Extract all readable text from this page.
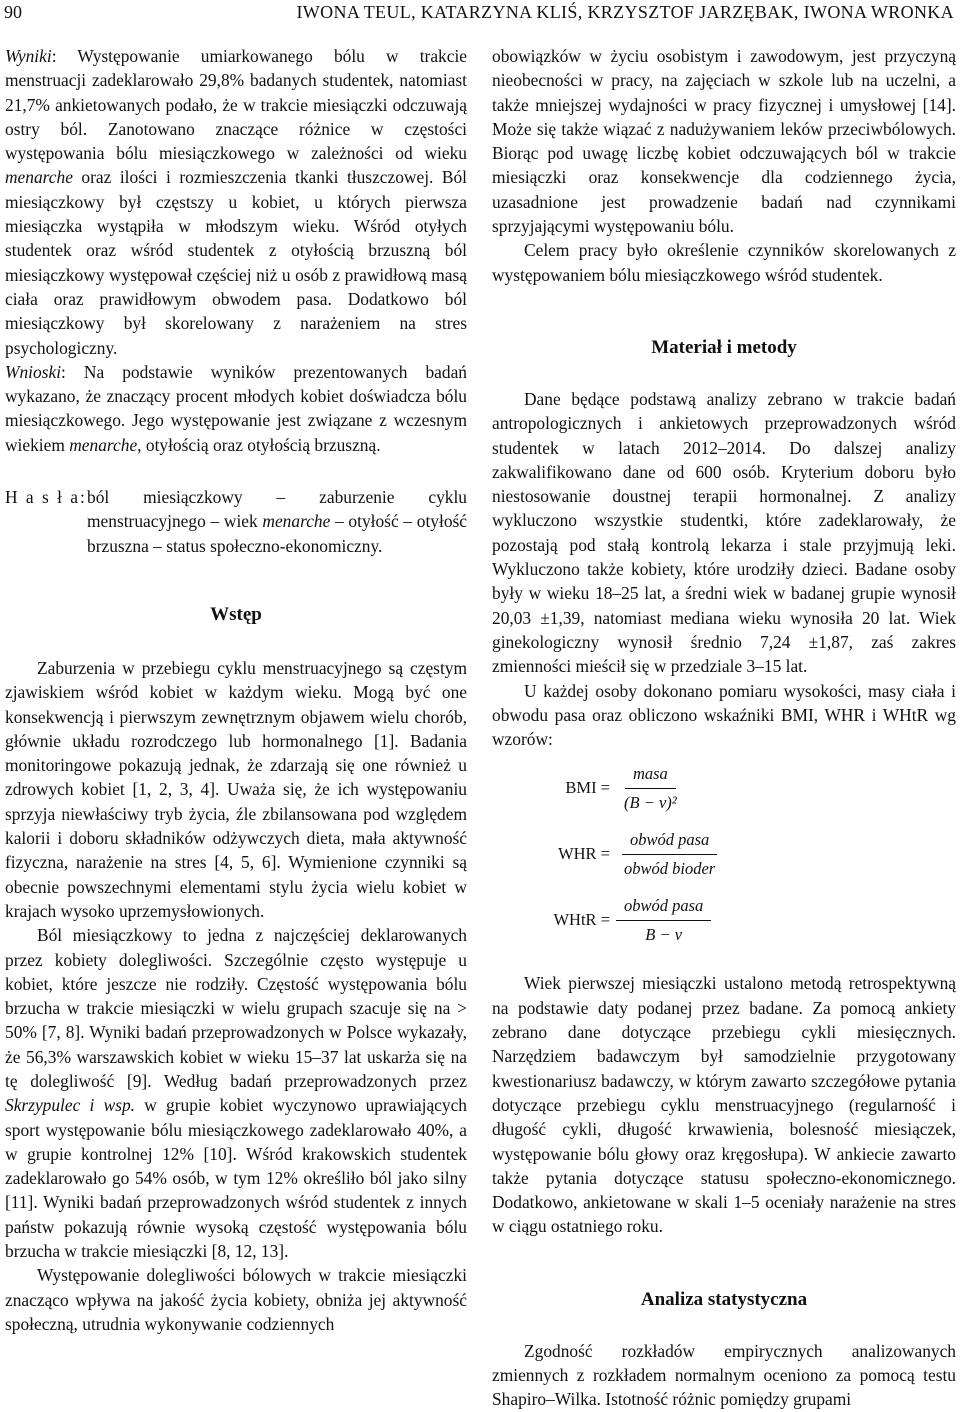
90	IWONA TEUL, KATARZYNA KLIŚ, KRZYSZTOF JARZĘBAK, IWONA WRONKA

Wyniki: Występowanie umiarkowanego bólu w trakcie menstruacji zadeklarowało 29,8% badanych studentek, natomiast 21,7% ankietowanych podało, że w trakcie miesiączki odczuwają ostry ból. Zanotowano znaczące różnice w częstości występowania bólu miesiączkowego w zależności od wieku menarche oraz ilości i rozmieszczenia tkanki tłuszczowej. Ból miesiączkowy był częstszy u kobiet, u których pierwsza miesiączka wystąpiła w młodszym wieku. Wśród otyłych studentek oraz wśród studentek z otyłością brzuszną ból miesiączkowy występował częściej niż u osób z prawidłową masą ciała oraz prawidłowym obwodem pasa. Dodatkowo ból miesiączkowy był skorelowany z narażeniem na stres psychologiczny.

Wnioski: Na podstawie wyników prezentowanych badań wykazano, że znaczący procent młodych kobiet doświadcza bólu miesiączkowego. Jego występowanie jest związane z wczesnym wiekiem menarche, otyłością oraz otyłością brzuszną.

H a s ł a: ból miesiączkowy – zaburzenie cyklu menstruacyjnego – wiek menarche – otyłość – otyłość brzuszna – status społeczno-ekonomiczny.
Wstęp

Zaburzenia w przebiegu cyklu menstruacyjnego są częstym zjawiskiem wśród kobiet w każdym wieku. Mogą być one konsekwencją i pierwszym zewnętrznym objawem wielu chorób, głównie układu rozrodczego lub hormonalnego [1]. Badania monitoringowe pokazują jednak, że zdarzają się one również u zdrowych kobiet [1, 2, 3, 4]. Uważa się, że ich występowaniu sprzyja niewłaściwy tryb życia, źle zbilansowana pod względem kalorii i doboru składników odżywczych dieta, mała aktywność fizyczna, narażenie na stres [4, 5, 6]. Wymienione czynniki są obecnie powszechnymi elementami stylu życia wielu kobiet w krajach wysoko uprzemysłowionych.

Ból miesiączkowy to jedna z najczęściej deklarowanych przez kobiety dolegliwości. Szczególnie często występuje u kobiet, które jeszcze nie rodziły. Częstość występowania bólu brzucha w trakcie miesiączki w wielu grupach szacuje się na > 50% [7, 8]. Wyniki badań przeprowadzonych w Polsce wykazały, że 56,3% warszawskich kobiet w wieku 15–37 lat uskarża się na tę dolegliwość [9]. Według badań przeprowadzonych przez Skrzypulec i wsp. w grupie kobiet wyczynowo uprawiających sport występowanie bólu miesiączkowego zadeklarowało 40%, a w grupie kontrolnej 12% [10]. Wśród krakowskich studentek zadeklarowało go 54% osób, w tym 12% określiło ból jako silny [11]. Wyniki badań przeprowadzonych wśród studentek z innych państw pokazują równie wysoką częstość występowania bólu brzucha w trakcie miesiączki [8, 12, 13].

Występowanie dolegliwości bólowych w trakcie miesiączki znacząco wpływa na jakość życia kobiety, obniża jej aktywność społeczną, utrudnia wykonywanie codziennych

obowiązków w życiu osobistym i zawodowym, jest przyczyną nieobecności w pracy, na zajęciach w szkole lub na uczelni, a także mniejszej wydajności w pracy fizycznej i umysłowej [14]. Może się także wiązać z nadużywaniem leków przeciwbólowych. Biorąc pod uwagę liczbę kobiet odczuwających ból w trakcie miesiączki oraz konsekwencje dla codziennego życia, uzasadnione jest prowadzenie badań nad czynnikami sprzyjającymi występowaniu bólu.

Celem pracy było określenie czynników skorelowanych z występowaniem bólu miesiączkowego wśród studentek.

Materiał i metody

Dane będące podstawą analizy zebrano w trakcie badań antropologicznych i ankietowych przeprowadzonych wśród studentek w latach 2012–2014. Do dalszej analizy zakwalifikowano dane od 600 osób. Kryterium doboru było niestosowanie doustnej terapii hormonalnej. Z analizy wykluczono wszystkie studentki, które zadeklarowały, że pozostają pod stałą kontrolą lekarza i stale przyjmują leki. Wykluczono także kobiety, które urodziły dzieci. Badane osoby były w wieku 18–25 lat, a średni wiek w badanej grupie wynosił 20,03 ±1,39, natomiast mediana wieku wynosiła 20 lat. Wiek ginekologiczny wynosił średnio 7,24 ±1,87, zaś zakres zmienności mieścił się w przedziale 3–15 lat.

U każdej osoby dokonano pomiaru wysokości, masy ciała i obwodu pasa oraz obliczono wskaźniki BMI, WHR i WHtR wg wzorów:

BMI = $\frac{\text{masa}}{\text{(B − v)²}}$
WHR = $\frac{\text{obwód pasa}}{\text{obwód bioder}}$
WHtR = $\frac{\text{obwód pasa}}{B - v}$

Wiek pierwszej miesiączki ustalono metodą retrospektywną na podstawie daty podanej przez badane. Za pomocą ankiety zebrano dane dotyczące przebiegu cykli miesięcznych. Narzędziem badawczym był samodzielnie przygotowany kwestionariusz badawczy, w którym zawarto szczegółowe pytania dotyczące przebiegu cyklu menstruacyjnego (regularność i długość cykli, długość krwawienia, bolesność miesiączek, występowanie bólu głowy oraz kręgosłupa). W ankiecie zawarto także pytania dotyczące statusu społeczno-ekonomicznego. Dodatkowo, ankietowane w skali 1–5 oceniały narażenie na stres w ciągu ostatniego roku.

Analiza statystyczna

Zgodność rozkładów empirycznych analizowanych zmiennych z rozkładem normalnym oceniono za pomocą testu Shapiro–Wilka. Istotność różnic pomiędzy grupami
